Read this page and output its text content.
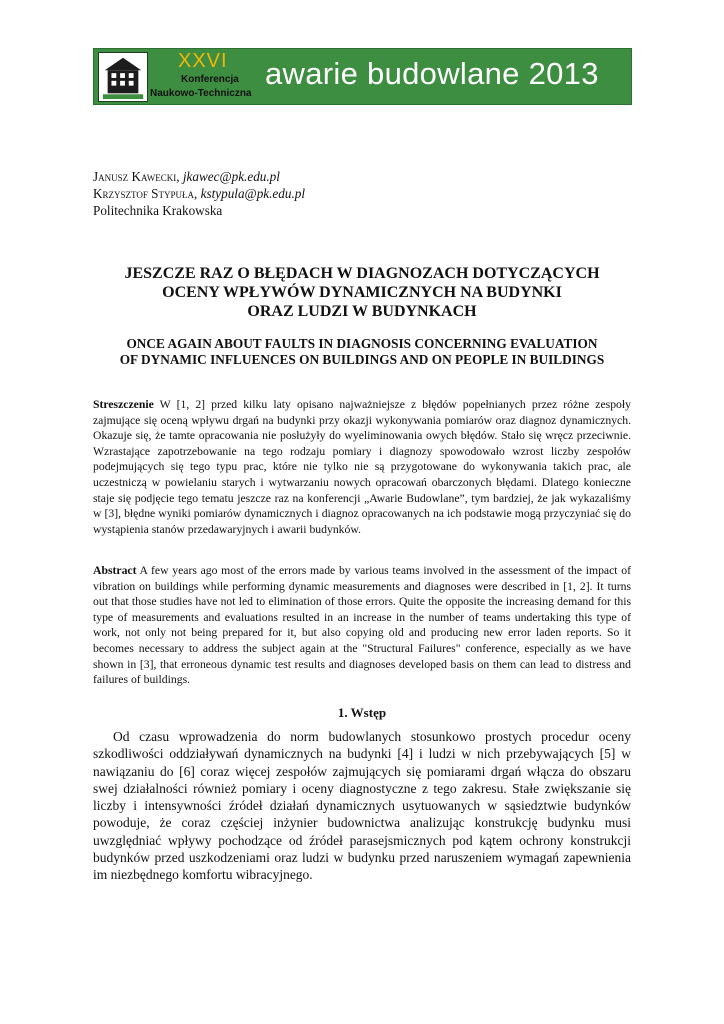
XXVI
Konferencja
Naukowo-Techniczna
awarie budowlane 2013
Janusz Kawecki, jkawec@pk.edu.pl
Krzysztof Stypuła, kstypula@pk.edu.pl
Politechnika Krakowska
JESZCZE RAZ O BŁĘDACH W DIAGNOZACH DOTYCZĄCYCH
OCENY WPŁYWÓW DYNAMICZNYCH NA BUDYNKI
ORAZ LUDZI W BUDYNKACH
ONCE AGAIN ABOUT FAULTS IN DIAGNOSIS CONCERNING EVALUATION
OF DYNAMIC INFLUENCES ON BUILDINGS AND ON PEOPLE IN BUILDINGS
Streszczenie W [1, 2] przed kilku laty opisano najważniejsze z błędów popełnianych przez różne zespoły zajmujące się oceną wpływu drgań na budynki przy okazji wykonywania pomiarów oraz diagnoz dynamicznych. Okazuje się, że tamte opracowania nie posłużyły do wyeliminowania owych błędów. Stało się wręcz przeciwnie. Wzrastające zapotrzebowanie na tego rodzaju pomiary i diagnozy spowodowało wzrost liczby zespołów podejmujących się tego typu prac, które nie tylko nie są przygotowane do wykonywania takich prac, ale uczestniczą w powielaniu starych i wytwarzaniu nowych opracowań obarczonych błędami. Dlatego konieczne staje się podjęcie tego tematu jeszcze raz na konferencji „Awarie Budowlane”, tym bardziej, że jak wykazaliśmy w [3], błędne wyniki pomiarów dynamicznych i diagnoz opracowanych na ich podstawie mogą przyczyniać się do wystąpienia stanów przedawaryjnych i awarii budynków.
Abstract A few years ago most of the errors made by various teams involved in the assessment of the impact of vibration on buildings while performing dynamic measurements and diagnoses were described in [1, 2]. It turns out that those studies have not led to elimination of those errors. Quite the opposite the increasing demand for this type of measurements and evaluations resulted in an increase in the number of teams undertaking this type of work, not only not being prepared for it, but also copying old and producing new error laden reports. So it becomes necessary to address the subject again at the "Structural Failures" conference, especially as we have shown in [3], that erroneous dynamic test results and diagnoses developed basis on them can lead to distress and failures of buildings.
1. Wstęp
Od czasu wprowadzenia do norm budowlanych stosunkowo prostych procedur oceny szkodliwości oddziaływań dynamicznych na budynki [4] i ludzi w nich przebywających [5] w nawiązaniu do [6] coraz więcej zespołów zajmujących się pomiarami drgań włącza do obszaru swej działalności również pomiary i oceny diagnostyczne z tego zakresu. Stałe zwiększanie się liczby i intensywności źródeł działań dynamicznych usytuowanych w sąsiedztwie budynków powoduje, że coraz częściej inżynier budownictwa analizując konstrukcję budynku musi uwzględniać wpływy pochodzące od źródeł parasejsmicznych pod kątem ochrony konstrukcji budynków przed uszkodzeniami oraz ludzi w budynku przed naruszeniem wymagań zapewnienia im niezbędnego komfortu wibracyjnego.
